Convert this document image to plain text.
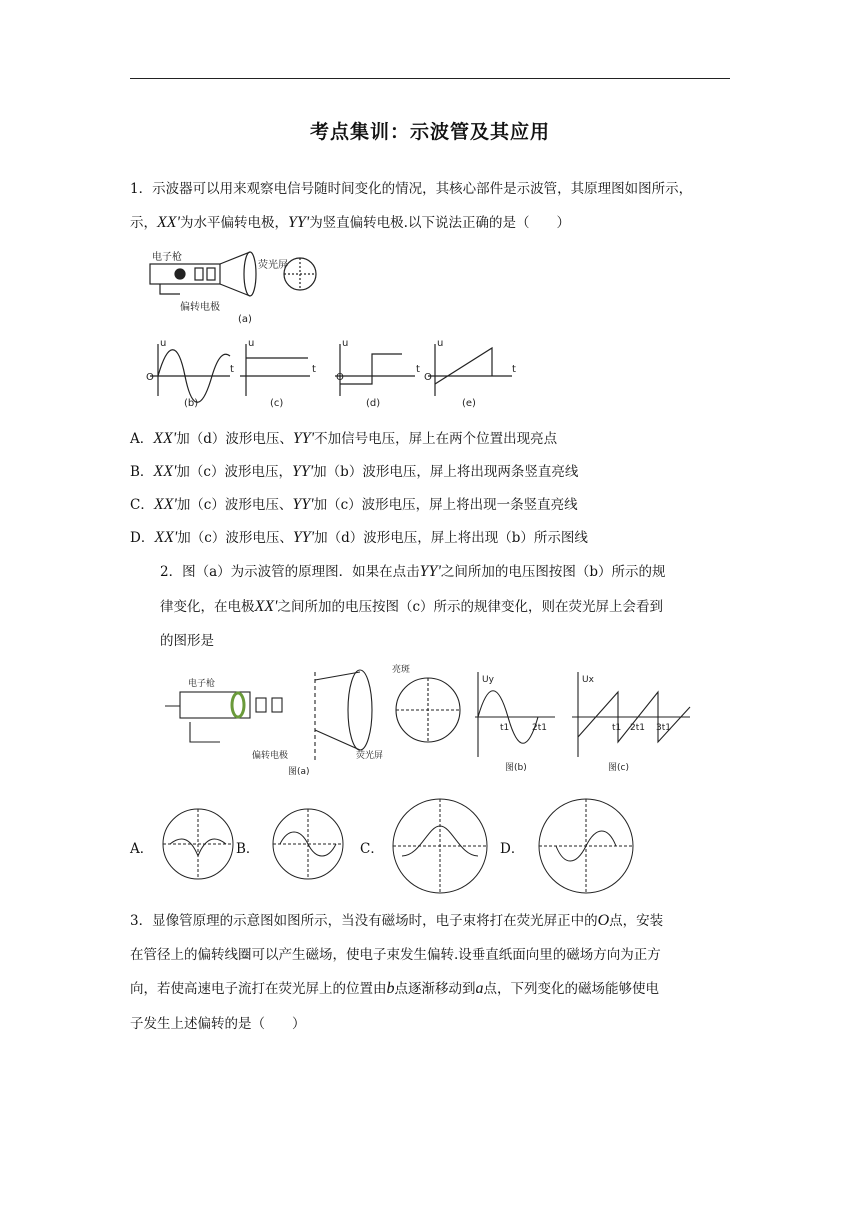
考点集训：示波管及其应用
1．示波器可以用来观察电信号随时间变化的情况，其核心部件是示波管，其原理图如图所示，
示，XX'为水平偏转电极，YY'为竖直偏转电极.以下说法正确的是（　　）
电子枪
荧光屏
偏转电极
(a)
(b)	(c)	(d)	(e)
u	u	u	u
O	O	O
t	t	t	t
A．XX'加（d）波形电压、YY'不加信号电压，屏上在两个位置出现亮点
B．XX'加（c）波形电压，YY'加（b）波形电压，屏上将出现两条竖直亮线
C．XX'加（c）波形电压、YY'加（c）波形电压，屏上将出现一条竖直亮线
D．XX'加（c）波形电压、YY'加（d）波形电压，屏上将出现（b）所示图线
2．图（a）为示波管的原理图．如果在点击YY'之间所加的电压图按图（b）所示的规
律变化，在电极XX'之间所加的电压按图（c）所示的规律变化，则在荧光屏上会看到
的图形是
电子枪
亮斑
偏转电极	荧光屏
图(a)	图(b)	图(c)
Uy	Ux
t1	2t1	t1 2t1 3t1
A．	B．	C．	D．
3．显像管原理的示意图如图所示，当没有磁场时，电子束将打在荧光屏正中的O点，安装
在管径上的偏转线圈可以产生磁场，使电子束发生偏转.设垂直纸面向里的磁场方向为正方
向，若使高速电子流打在荧光屏上的位置由b点逐渐移动到a点，下列变化的磁场能够使电
子发生上述偏转的是（　　）
